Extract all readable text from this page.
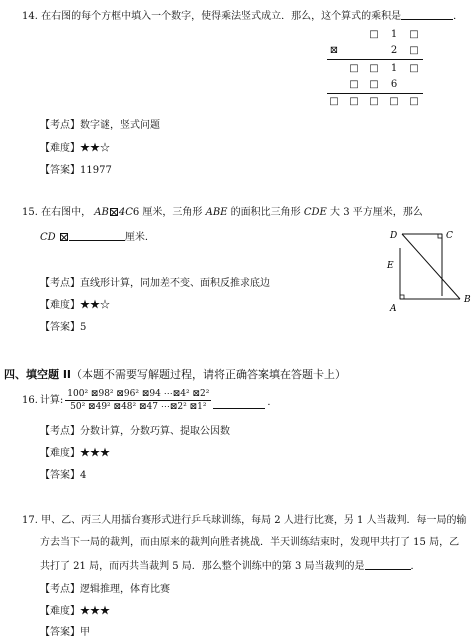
14. 在右图的每个方框中填入一个数字，使得乘法竖式成立．那么，这个算式的乘积是	．
□	1	□
⊠	2	□
□ □	1	□
□ □	6
□ □ □ □ □
【考点】数字谜，竖式问题
【难度】★★☆
【答案】11977
15. 在右图中， AB 4C6 厘米，三角形 ABE 的面积比三角形 CDE 大 3 平方厘米，那么
CD	厘米．	D	C
E
A
B
【考点】直线形计算，同加差不变、面积反推求底边
【难度】★★☆
【答案】5
四、填空题 II（本题不需要写解题过程，请将正确答案填在答题卡上）
16. 计算: $\frac{\text{100² ⊠98² ⊠96² ⊠94 ⋯⊠4² ⊠2²}}{\text{50² ⊠49² ⊠48² ⊠47 ⋯⊠2² ⊠1²}}$	．
【考点】分数计算，分数巧算、提取公因数
【难度】★★★
【答案】4
17. 甲、乙、丙三人用擂台赛形式进行乒乓球训练，每局 2 人进行比赛，另 1 人当裁判．每一局的输
方去当下一局的裁判，而由原来的裁判向胜者挑战．半天训练结束时，发现甲共打了 15 局，乙
共打了 21 局，而丙共当裁判 5 局．那么整个训练中的第 3 局当裁判的是	．
【考点】逻辑推理，体育比赛
【难度】★★★
【答案】甲
